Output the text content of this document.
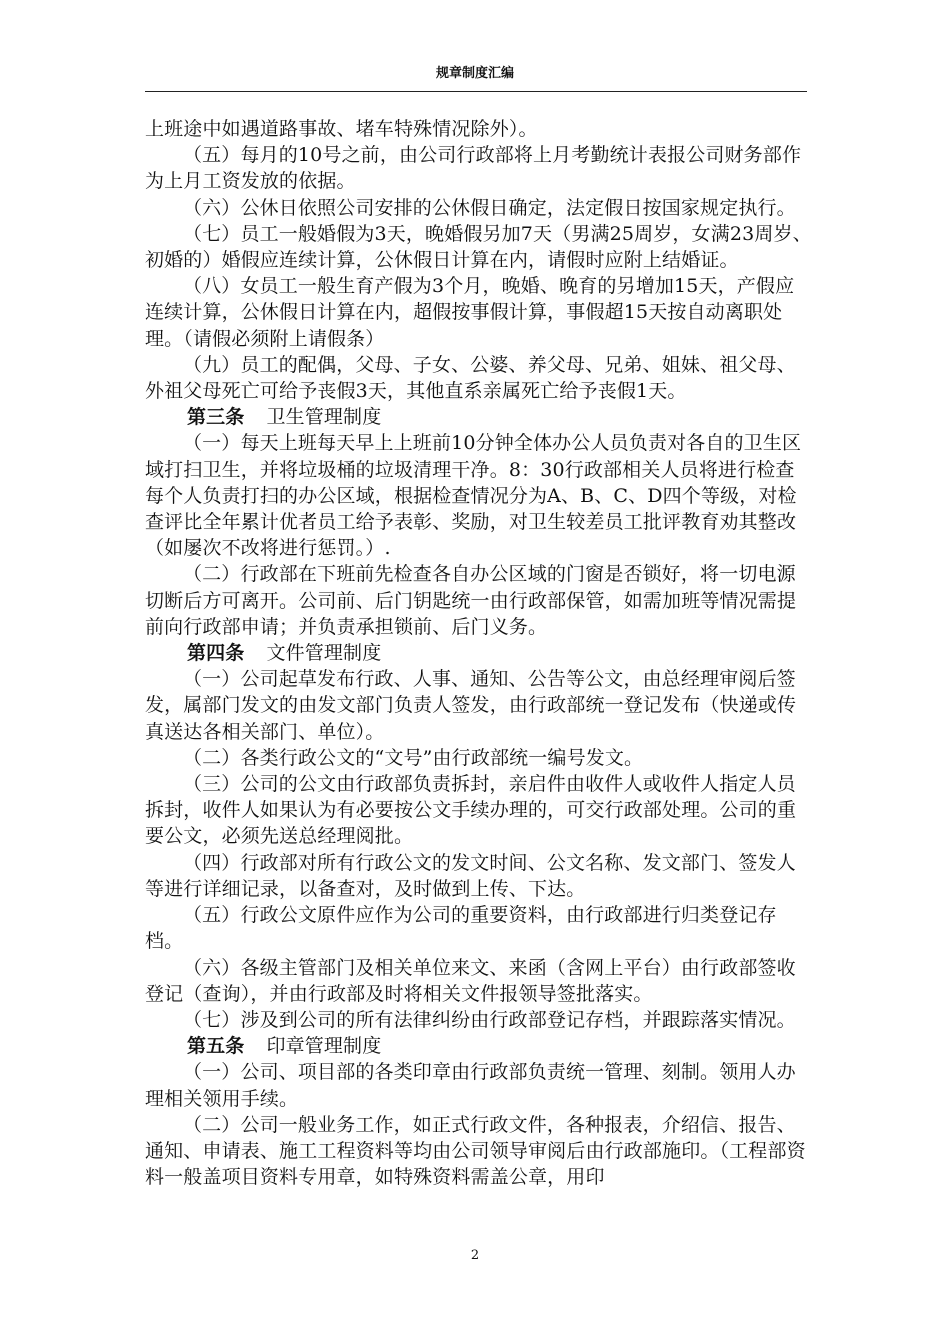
规章制度汇编

上班途中如遇道路事故、堵车特殊情况除外）。

（五）每月的10号之前，由公司行政部将上月考勤统计表报公司财务部作为上月工资发放的依据。

（六）公休日依照公司安排的公休假日确定，法定假日按国家规定执行。

（七）员工一般婚假为3天，晚婚假另加7天（男满25周岁，女满23周岁、初婚的）婚假应连续计算，公休假日计算在内，请假时应附上结婚证。

（八）女员工一般生育产假为3个月，晚婚、晚育的另增加15天，产假应连续计算，公休假日计算在内，超假按事假计算，事假超15天按自动离职处理。（请假必须附上请假条）

（九）员工的配偶，父母、子女、公婆、养父母、兄弟、姐妹、祖父母、外祖父母死亡可给予丧假3天，其他直系亲属死亡给予丧假1天。

第三条 卫生管理制度

（一）每天上班每天早上上班前10分钟全体办公人员负责对各自的卫生区域打扫卫生，并将垃圾桶的垃圾清理干净。8：30行政部相关人员将进行检查每个人负责打扫的办公区域，根据检查情况分为A、B、C、D四个等级，对检查评比全年累计优者员工给予表彰、奖励，对卫生较差员工批评教育劝其整改（如屡次不改将进行惩罚。）.

（二）行政部在下班前先检查各自办公区域的门窗是否锁好，将一切电源切断后方可离开。公司前、后门钥匙统一由行政部保管，如需加班等情况需提前向行政部申请；并负责承担锁前、后门义务。

第四条 文件管理制度

（一）公司起草发布行政、人事、通知、公告等公文，由总经理审阅后签发，属部门发文的由发文部门负责人签发，由行政部统一登记发布（快递或传真送达各相关部门、单位）。

（二）各类行政公文的“文号”由行政部统一编号发文。

（三）公司的公文由行政部负责拆封，亲启件由收件人或收件人指定人员拆封，收件人如果认为有必要按公文手续办理的，可交行政部处理。公司的重要公文，必须先送总经理阅批。

（四）行政部对所有行政公文的发文时间、公文名称、发文部门、签发人等进行详细记录，以备查对，及时做到上传、下达。

（五）行政公文原件应作为公司的重要资料，由行政部进行归类登记存档。

（六）各级主管部门及相关单位来文、来函（含网上平台）由行政部签收登记（查询），并由行政部及时将相关文件报领导签批落实。

（七）涉及到公司的所有法律纠纷由行政部登记存档，并跟踪落实情况。

第五条 印章管理制度

（一）公司、项目部的各类印章由行政部负责统一管理、刻制。领用人办理相关领用手续。

（二）公司一般业务工作，如正式行政文件，各种报表，介绍信、报告、通知、申请表、施工工程资料等均由公司领导审阅后由行政部施印。（工程部资料一般盖项目资料专用章，如特殊资料需盖公章，用印

2
